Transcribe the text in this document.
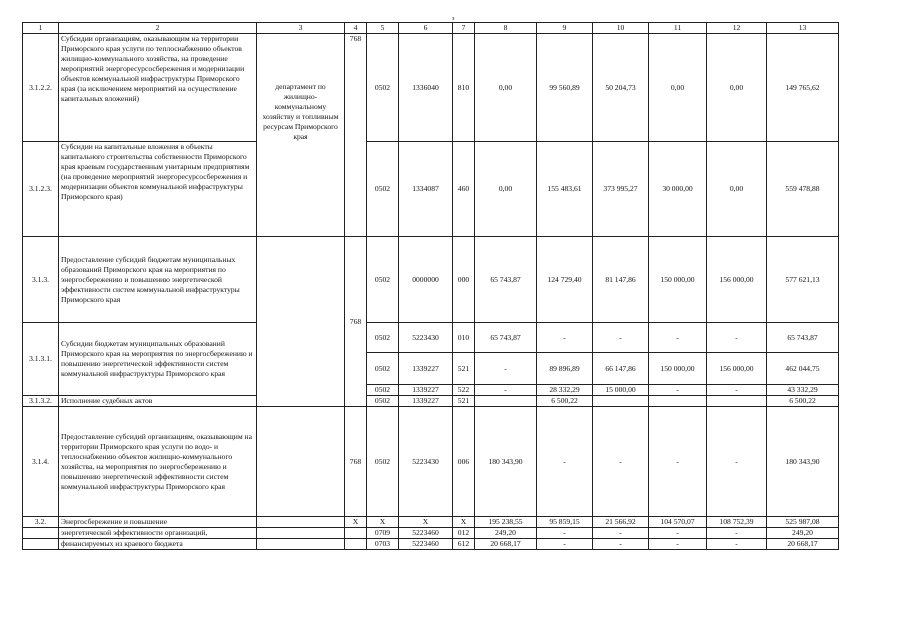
з
1	2	3	4	5	6	7	8	9	10	11	12	13
3.1.2.2.	Субсидии организациям, оказывающим на территории Приморского края услуги по теплоснабжению объектов жилищно-коммунального хозяйства, на проведение мероприятий энергоресурсосбережения и модернизации объектов коммунальной инфраструктуры Приморского края (за исключением мероприятий на осуществление капитальных вложений)	департамент по жилищно-коммунальному хозяйству и топливным ресурсам Приморского края	768	0502	1336040	810	0,00	99 560,89	50 204,73	0,00	0,00	149 765,62
3.1.2.3.	Субсидии на капитальные вложения в объекты капитального строительства собственности Приморского края краевым государственным унитарным предприятиям (на проведение мероприятий энергоресурсосбережения и модернизации объектов коммунальной инфраструктуры Приморского края)			0502	1334087	460	0,00	155 483,61	373 995,27	30 000,00	0,00	559 478,88
3.1.3.	Предоставление субсидий бюджетам муниципальных образований Приморского края на мероприятия по энергосбережению и повышению энергетической эффективности систем коммунальной инфраструктуры Приморского края		768	0502	0000000	000	65 743,87	124 729,40	81 147,86	150 000,00	156 000,00	577 621,13
3.1.3.1.	Субсидии бюджетам муниципальных образований Приморского края на мероприятия по энергосбережению и повышению энергетической эффективности систем коммунальной инфраструктуры Приморского края			0502	5223430	010	65 743,87	-	-	-	-	65 743,87
				0502	1339227	521	-	89 896,89	66 147,86	150 000,00	156 000,00	462 044,75
				0502	1339227	522	-	28 332,29	15 000,00	-	-	43 332,29
3.1.3.2.	Исполнение судебных актов			0502	1339227	521		6 500,22				6 500,22
3.1.4.	Предоставление субсидий организациям, оказывающим на территории Приморского края услуги по водо- и теплоснабжению объектов жилищно-коммунального хозяйства, на мероприятия по энергосбережению и повышению энергетической эффективности систем коммунальной инфраструктуры Приморского края		768	0502	5223430	006	180 343,90	-	-	-	-	180 343,90
3.2.	Энергосбережение и повышение		X	X	X	X	195 238,55	95 859,15	21 566,92	104 570,07	108 752,39	525 987,08
	энергетической эффективности организаций,			0709	5223460	012	249,20	-	-	-	-	249,20
	финансируемых из краевого бюджета			0703	5223460	612	20 668,17	-	-	-	-	20 668,17
